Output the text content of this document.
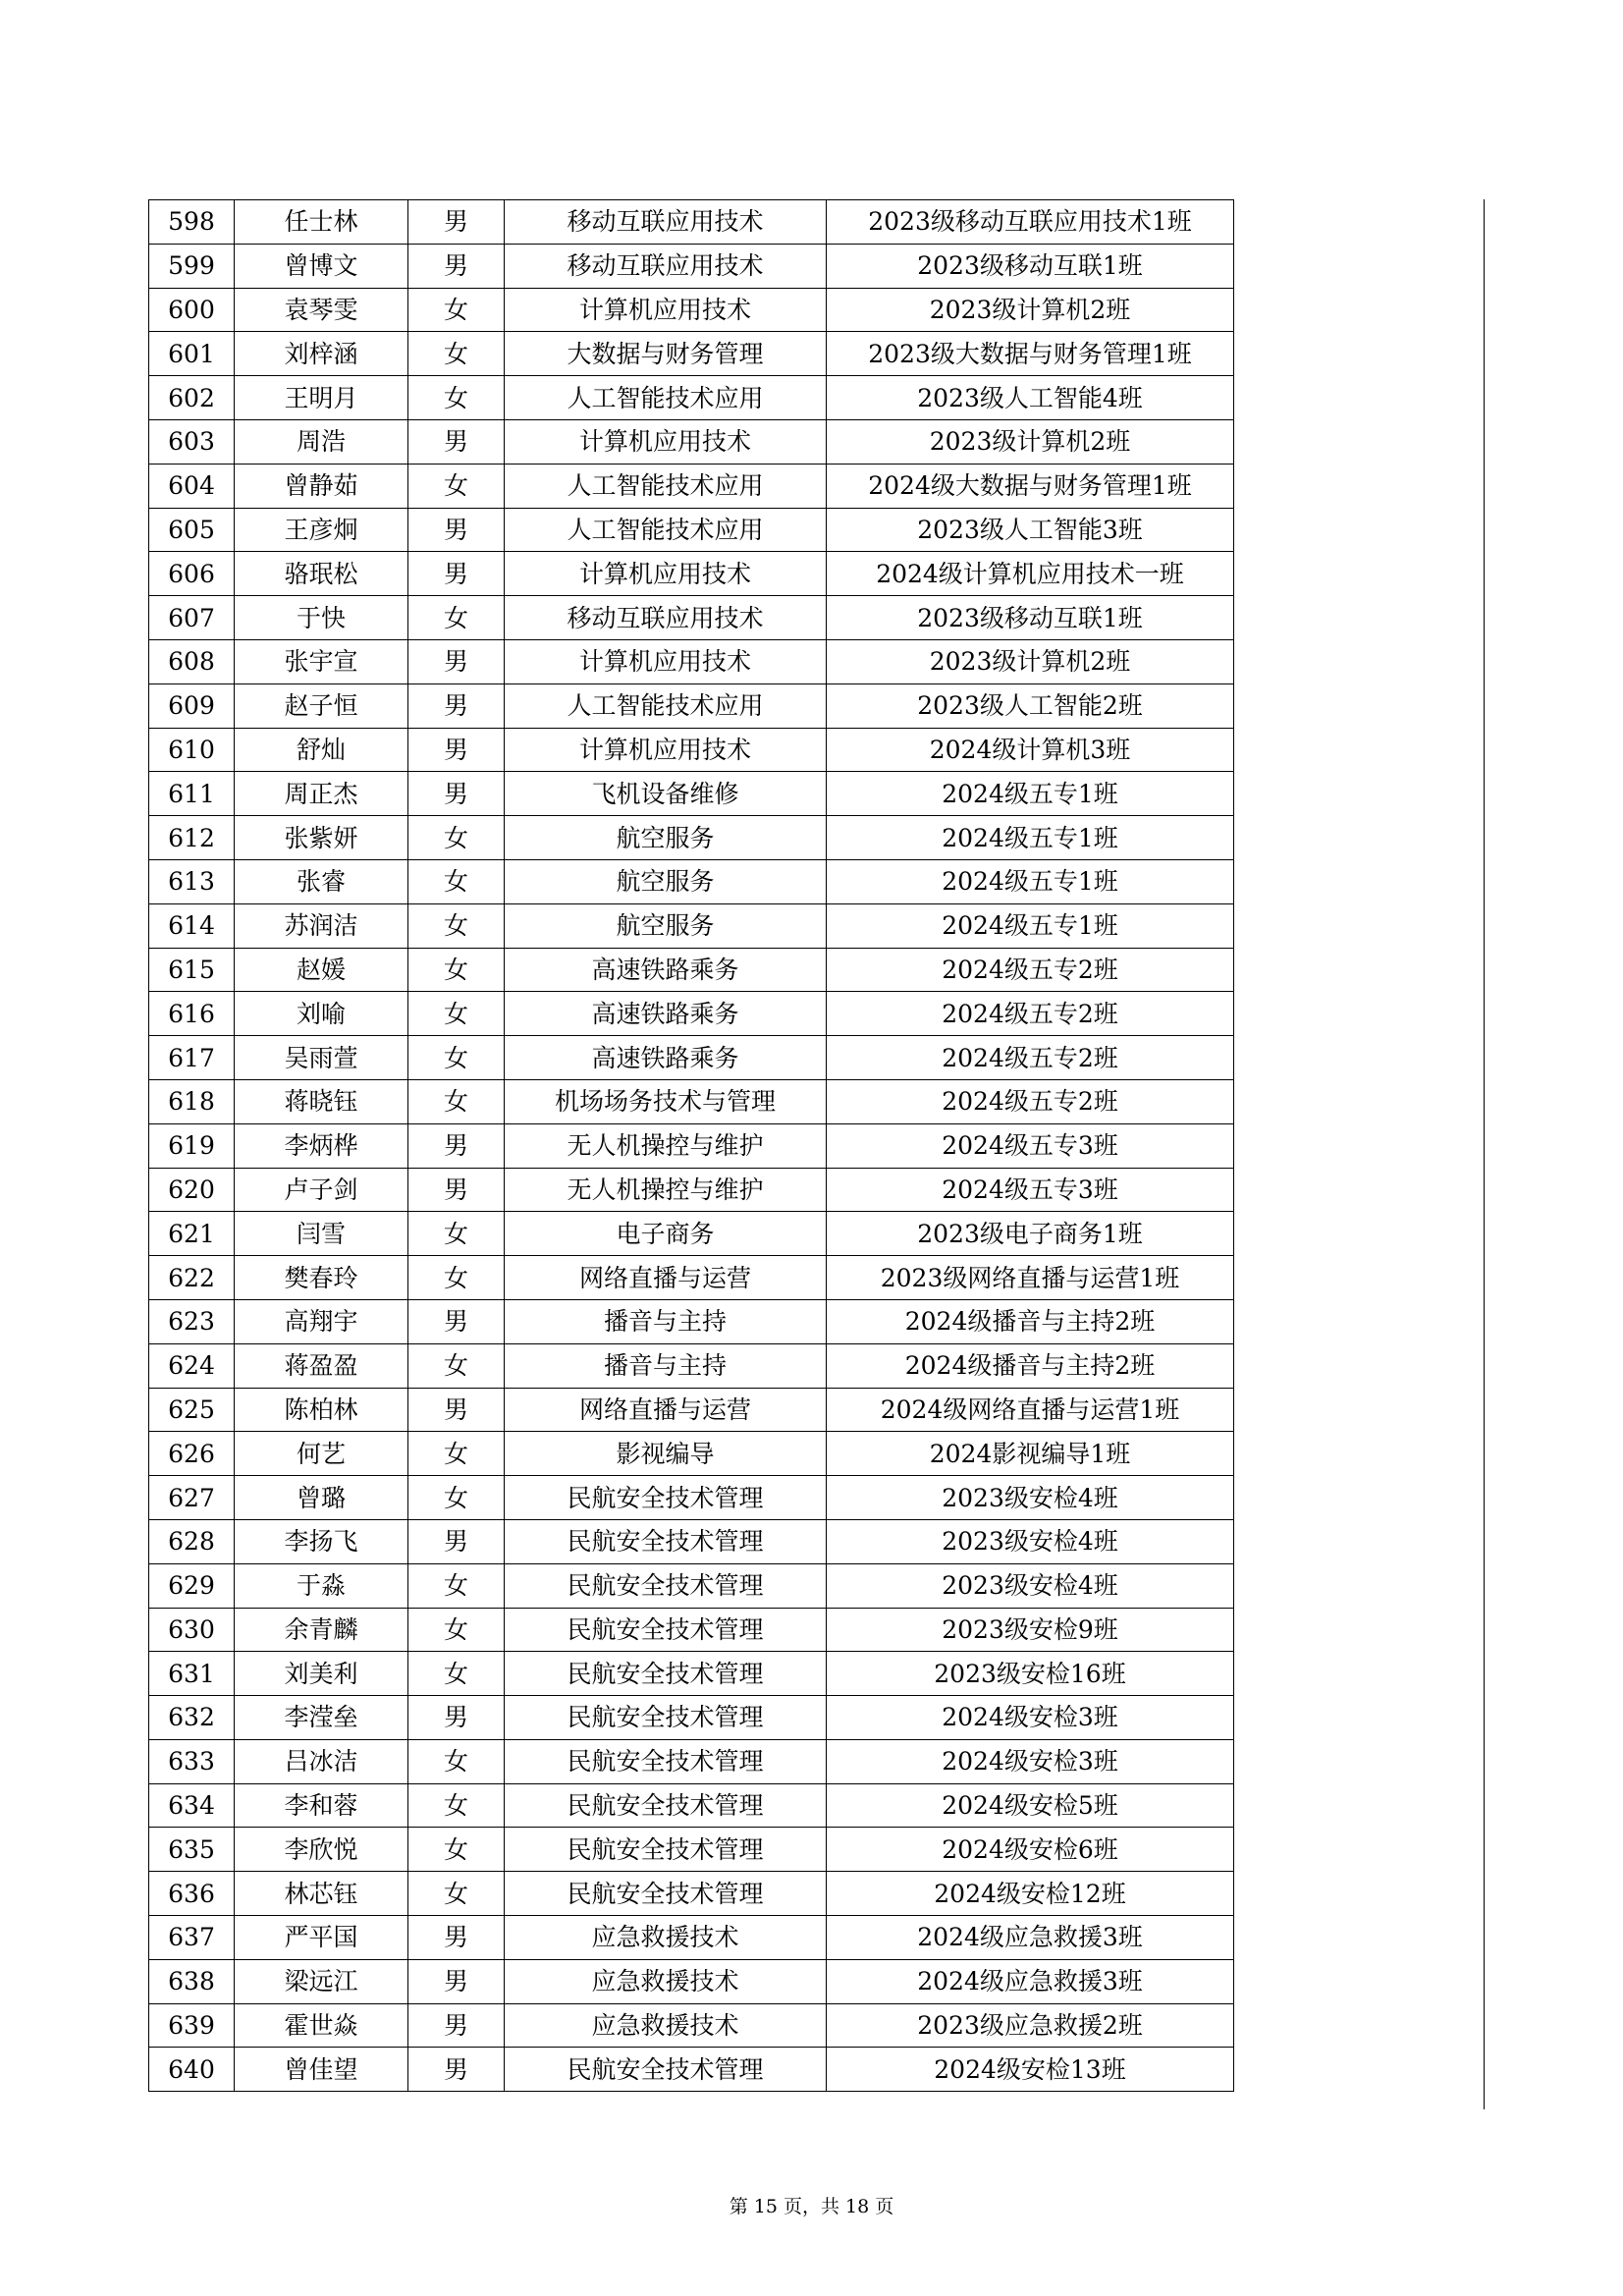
598	任士林	男	移动互联应用技术	2023级移动互联应用技术1班
599	曾博文	男	移动互联应用技术	2023级移动互联1班
600	袁琴雯	女	计算机应用技术	2023级计算机2班
601	刘梓涵	女	大数据与财务管理	2023级大数据与财务管理1班
602	王明月	女	人工智能技术应用	2023级人工智能4班
603	周浩	男	计算机应用技术	2023级计算机2班
604	曾静茹	女	人工智能技术应用	2024级大数据与财务管理1班
605	王彦炯	男	人工智能技术应用	2023级人工智能3班
606	骆珉松	男	计算机应用技术	2024级计算机应用技术一班
607	于快	女	移动互联应用技术	2023级移动互联1班
608	张宇宣	男	计算机应用技术	2023级计算机2班
609	赵子恒	男	人工智能技术应用	2023级人工智能2班
610	舒灿	男	计算机应用技术	2024级计算机3班
611	周正杰	男	飞机设备维修	2024级五专1班
612	张紫妍	女	航空服务	2024级五专1班
613	张睿	女	航空服务	2024级五专1班
614	苏润洁	女	航空服务	2024级五专1班
615	赵媛	女	高速铁路乘务	2024级五专2班
616	刘喻	女	高速铁路乘务	2024级五专2班
617	吴雨萱	女	高速铁路乘务	2024级五专2班
618	蒋晓钰	女	机场场务技术与管理	2024级五专2班
619	李炳桦	男	无人机操控与维护	2024级五专3班
620	卢子剑	男	无人机操控与维护	2024级五专3班
621	闫雪	女	电子商务	2023级电子商务1班
622	樊春玲	女	网络直播与运营	2023级网络直播与运营1班
623	高翔宇	男	播音与主持	2024级播音与主持2班
624	蒋盈盈	女	播音与主持	2024级播音与主持2班
625	陈柏林	男	网络直播与运营	2024级网络直播与运营1班
626	何艺	女	影视编导	2024影视编导1班
627	曾璐	女	民航安全技术管理	2023级安检4班
628	李扬飞	男	民航安全技术管理	2023级安检4班
629	于淼	女	民航安全技术管理	2023级安检4班
630	余青麟	女	民航安全技术管理	2023级安检9班
631	刘美利	女	民航安全技术管理	2023级安检16班
632	李滢垒	男	民航安全技术管理	2024级安检3班
633	吕冰洁	女	民航安全技术管理	2024级安检3班
634	李和蓉	女	民航安全技术管理	2024级安检5班
635	李欣悦	女	民航安全技术管理	2024级安检6班
636	林芯钰	女	民航安全技术管理	2024级安检12班
637	严平国	男	应急救援技术	2024级应急救援3班
638	梁远江	男	应急救援技术	2024级应急救援3班
639	霍世焱	男	应急救援技术	2023级应急救援2班
640	曾佳望	男	民航安全技术管理	2024级安检13班
第 15 页，共 18 页
